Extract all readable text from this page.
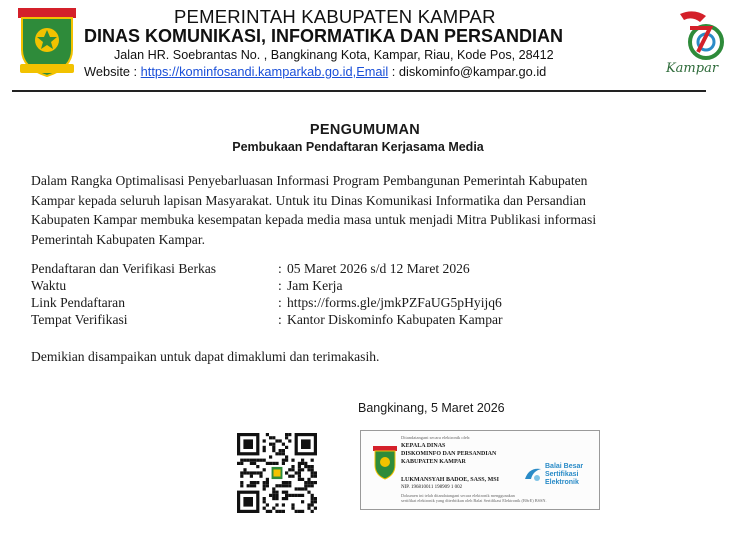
Kampar
PEMERINTAH KABUPATEN KAMPAR
DINAS KOMUNIKASI, INFORMATIKA DAN PERSANDIAN
Jalan HR. Soebrantas No. , Bangkinang Kota, Kampar, Riau, Kode Pos, 28412
Website : https://kominfosandi.kamparkab.go.id,Email : diskominfo@kampar.go.id
PENGUMUMAN
Pembukaan Pendaftaran Kerjasama Media
Dalam Rangka Optimalisasi Penyebarluasan Informasi Program Pembangunan Pemerintah Kabupaten
Kampar kepada seluruh lapisan Masyarakat. Untuk itu Dinas Komunikasi Informatika dan Persandian
Kabupaten Kampar membuka kesempatan kepada media masa untuk menjadi Mitra Publikasi informasi
Pemerintah Kabupaten Kampar.
Pendaftaran dan Verifikasi Berkas	: 05 Maret 2026 s/d 12 Maret 2026
Waktu	: Jam Kerja
Link Pendaftaran	: https://forms.gle/jmkPZFaUG5pHyijq6
Tempat Verifikasi	: Kantor Diskominfo Kabupaten Kampar
Demikian disampaikan untuk dapat dimaklumi dan terimakasih.
Bangkinang, 5 Maret 2026
Ditandatangani secara elektronik oleh:
KEPALA DINAS
DISKOMINFO DAN PERSANDIAN
KABUPATEN KAMPAR
LUKMANSYAH BADOE, SASS, MSI
NIP. 196810011 198909 1 002
Dokumen ini telah ditandatangani secara elektronik menggunakan
sertifikat elektronik yang diterbitkan oleh Balai Sertifikasi Elektronik (BSrE) BSSN.
Balai Besar
Sertifikasi
Elektronik
